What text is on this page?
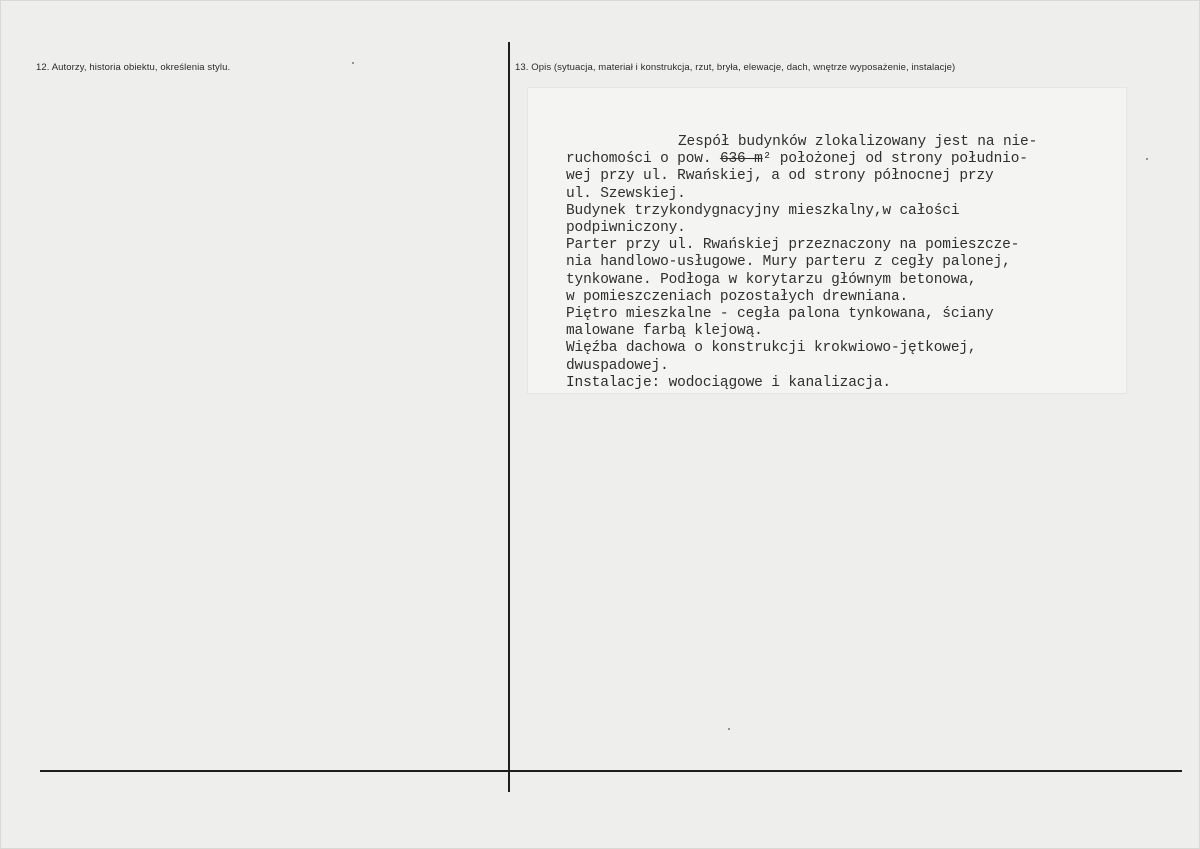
12. Autorzy, historia obiektu, określenia stylu.	13. Opis (sytuacja, materiał i konstrukcja, rzut, bryła, elewacje, dach, wnętrze wyposażenie, instalacje)
Zespół budynków zlokalizowany jest na nie-
ruchomości o pow. 636 m² położonej od strony południo-
wej przy ul. Rwańskiej, a od strony północnej przy
ul. Szewskiej.
Budynek trzykondygnacyjny mieszkalny,w całości
podpiwniczony.
Parter przy ul. Rwańskiej przeznaczony na pomieszcze-
nia handlowo-usługowe. Mury parteru z cegły palonej,
tynkowane. Podłoga w korytarzu głównym betonowa,
w pomieszczeniach pozostałych drewniana.
Piętro mieszkalne - cegła palona tynkowana, ściany
malowane farbą klejową.
Więźba dachowa o konstrukcji krokwiowo-jętkowej,
dwuspadowej.
Instalacje: wodociągowe i kanalizacja.
